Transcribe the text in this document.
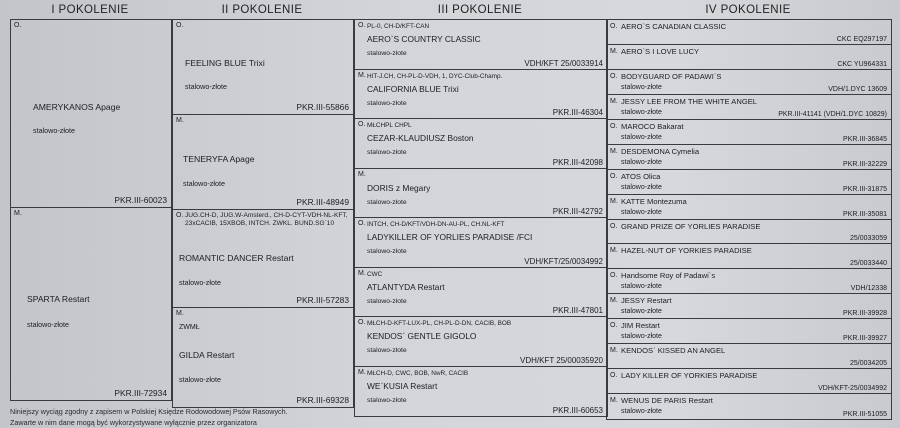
I POKOLENIE	II POKOLENIE	III POKOLENIE	IV POKOLENIE
O.
AMERYKANOS Apage
stalowo-złote
PKR.III-60023
M.
SPARTA Restart
stalowo-złote
PKR.III-72934
O.
FEELING BLUE Trixi
stalowo-złote
PKR.III-55866
M.
TENERYFA Apage
stalowo-złote
PKR.III-48949
O. JUG.CH-D, JUG.W-Amsterd., CH-D-CYT-VDH-NL-KFT, 23xCACIB, 15XBOB, INTCH. ZWKL. BUND.SG`10
ROMANTIC DANCER Restart
stalowo-złote
PKR.III-57283
M.
ZWMŁ
GILDA Restart
stalowo-złote
PKR.III-69328
O. PL-0, CH-D/KFT-CAN
AERO`S COUNTRY CLASSIC
stalowo-złote
VDH/KFT 25/0033914
M. HIT-J.CH, CH-PL-D-VDH, 1, DYC-Club-Champ.
CALIFORNIA BLUE Trixi
stalowo-złote
PKR.III-46304
O. MŁCHPL CHPL
CEZAR-KLAUDIUSZ Boston
stalowo-złote
PKR.III-42098
M.
DORIS z Megary
stalowo-złote
PKR.III-42792
O. INTCH, CH-D/KFT/VDH-DN-AU-PL, CH.NL-KFT
LADYKILLER OF YORLIES PARADISE /FCI
stalowo-złote
VDH/KFT/25/0034992
M. CWC
ATLANTYDA Restart
stalowo-złote
PKR.III-47801
O. MŁCH-D-KFT-LUX-PL, CH-PL-D-DN, CACIB, BOB
KENDOS` GENTLE GIGOLO
stalowo-złote
VDH/KFT 25/00035920
M. MŁCH-D, CWC, BOB, NwR, CACIB
WE`KUSIA Restart
stalowo-złote
PKR.III-60653
O. AERO`S CANADIAN CLASSIC
CKC EQ297197
M. AERO`S I LOVE LUCY
CKC YU964331
O. BODYGUARD OF PADAWI`S
stalowo-złote	VDH/1.DYC 13609
M. JESSY LEE FROM THE WHITE ANGEL
stalowo-złote	PKR.III-41141 (VDH/1.DYC 10829)
O. MAROCO Bakarat
stalowo-złote	PKR.III-36845
M. DESDEMONA Cymelia
stalowo-złote	PKR.III-32229
O. ATOS Olica
stalowo-złote	PKR.III-31875
M. KATTE Montezuma
stalowo-złote	PKR.III-35081
O. GRAND PRIZE OF YORLIES PARADISE
25/0033059
M. HAZEL-NUT OF YORKIES PARADISE
25/0033440
O. Handsome Roy of Padawi`s
stalowo-złote	VDH/12338
M. JESSY Restart
stalowo-złote	PKR.III-39928
O. JIM Restart
stalowo-złote	PKR.III-39927
M. KENDOS` KISSED AN ANGEL
25/0034205
O. LADY KILLER OF YORKIES PARADISE
VDH/KFT-25/0034992
M. WENUS DE PARIS Restart
stalowo-złote	PKR.III-51055
Niniejszy wyciąg zgodny z zapisem w Polskiej Księdze Rodowodowej Psów Rasowych.
Zawarte w nim dane mogą być wykorzystywane wyłącznie przez organizatora
